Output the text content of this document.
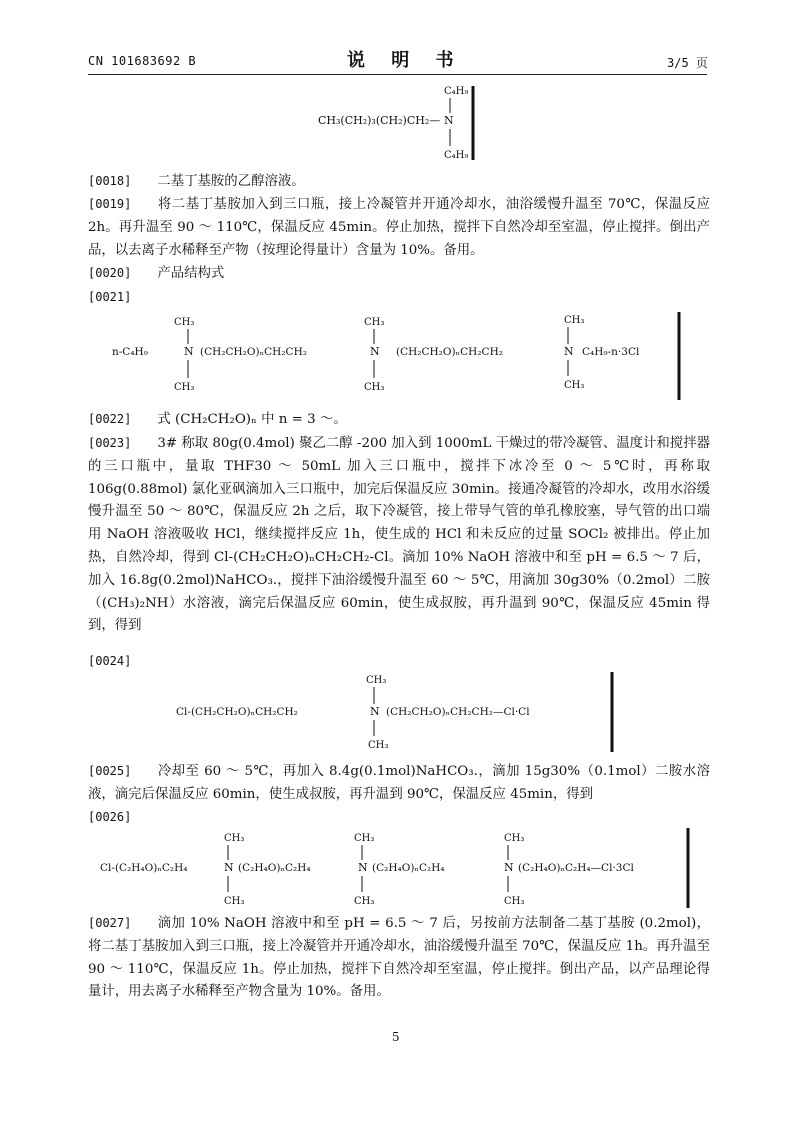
CN 101683692 B	说 明 书	3/5 页
CH₃(CH₂)₃(CH₂)CH₂— N
C₄H₉
C₄H₉
[0018] 二基丁基胺的乙醇溶液。
[0019] 将二基丁基胺加入到三口瓶，接上冷凝管并开通冷却水，油浴缓慢升温至 70℃，保温反应 2h。再升温至 90 ～ 110℃，保温反应 45min。停止加热，搅拌下自然冷却至室温，停止搅拌。倒出产品，以去离子水稀释至产物（按理论得量计）含量为 10%。备用。
[0020] 产品结构式
[0021]
n-C₄H₉	N
CH₃
CH₃
(CH₂CH₂O)ₙCH₂CH₂	N
CH₃
CH₃
(CH₂CH₂O)ₙCH₂CH₂	N
CH₃
CH₃
C₄H₉-n·3Cl
[0022] 式 (CH₂CH₂O)ₙ 中 n = 3 ～。
[0023] 3# 称取 80g(0.4mol) 聚乙二醇 -200 加入到 1000mL 干燥过的带冷凝管、温度计和搅拌器的三口瓶中，量取 THF30 ～ 50mL 加入三口瓶中，搅拌下冰冷至 0 ～ 5℃时，再称取 106g(0.88mol) 氯化亚砜滴加入三口瓶中，加完后保温反应 30min。接通冷凝管的冷却水，改用水浴缓慢升温至 50 ～ 80℃，保温反应 2h 之后，取下冷凝管，接上带导气管的单孔橡胶塞，导气管的出口端用 NaOH 溶液吸收 HCl，继续搅拌反应 1h，使生成的 HCl 和未反应的过量 SOCl₂ 被排出。停止加热，自然冷却，得到 Cl-(CH₂CH₂O)ₙCH₂CH₂-Cl。滴加 10% NaOH 溶液中和至 pH = 6.5 ～ 7 后，加入 16.8g(0.2mol)NaHCO₃.，搅拌下油浴缓慢升温至 60 ～ 5℃，用滴加 30g30%（0.2mol）二胺（(CH₃)₂NH）水溶液，滴完后保温反应 60min，使生成叔胺，再升温到 90℃，保温反应 45min 得到，得到
[0024]
Cl-(CH₂CH₂O)ₙCH₂CH₂	N
CH₃
CH₃
(CH₂CH₂O)ₙCH₂CH₂—Cl·Cl
[0025] 冷却至 60 ～ 5℃，再加入 8.4g(0.1mol)NaHCO₃.，滴加 15g30%（0.1mol）二胺水溶液，滴完后保温反应 60min，使生成叔胺，再升温到 90℃，保温反应 45min，得到
[0026]
Cl-(C₂H₄O)ₙC₂H₄	N
CH₃
CH₃
(C₂H₄O)ₙC₂H₄	N
CH₃
CH₃
(C₂H₄O)ₙC₂H₄	N
CH₃
CH₃
(C₂H₄O)ₙC₂H₄—Cl·3Cl
[0027] 滴加 10% NaOH 溶液中和至 pH = 6.5 ～ 7 后，另按前方法制备二基丁基胺 (0.2mol)，将二基丁基胺加入到三口瓶，接上冷凝管并开通冷却水，油浴缓慢升温至 70℃，保温反应 1h。再升温至 90 ～ 110℃，保温反应 1h。停止加热，搅拌下自然冷却至室温，停止搅拌。倒出产品，以产品理论得量计，用去离子水稀释至产物含量为 10%。备用。
5
